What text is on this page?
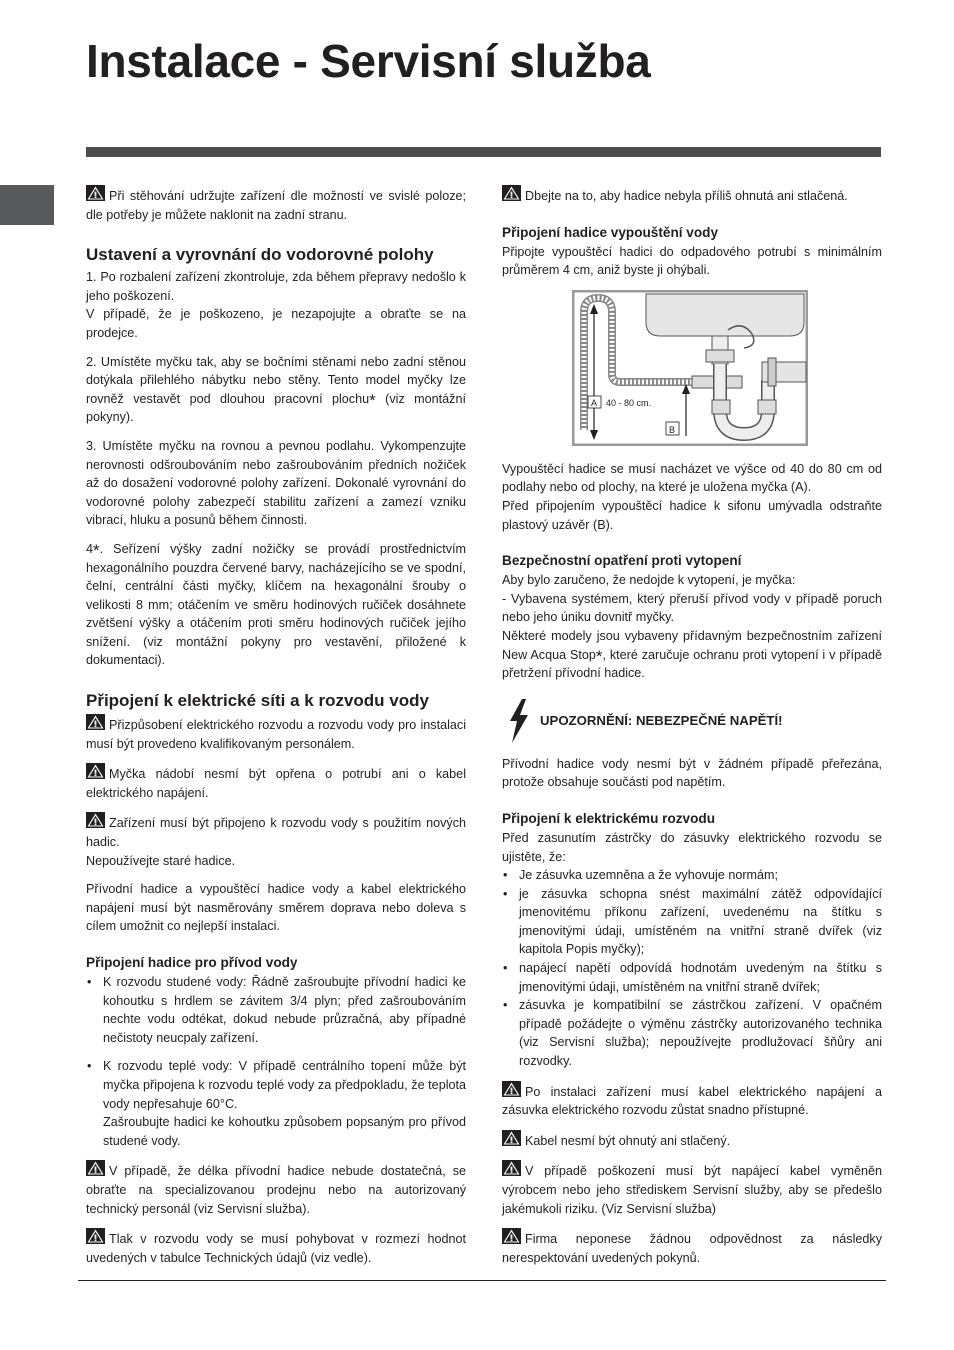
Instalace - Servisní služba

Při stěhování udržujte zařízení dle možností ve svislé poloze; dle potřeby je můžete naklonit na zadní stranu.

Ustavení a vyrovnání do vodorovné polohy

1. Po rozbalení zařízení zkontroluje, zda během přepravy nedošlo k jeho poškození.

V případě, že je poškozeno, je nezapojujte a obraťte se na prodejce.

2. Umístěte myčku tak, aby se bočními stěnami nebo zadní stěnou dotýkala přilehlého nábytku nebo stěny. Tento model myčky lze rovněž vestavět pod dlouhou pracovní plochu* (viz montážní pokyny).

3. Umístěte myčku na rovnou a pevnou podlahu. Vykompenzujte nerovnosti odšroubováním nebo zašroubováním předních nožiček až do dosažení vodorovné polohy zařízení. Dokonalé vyrovnání do vodorovné polohy zabezpečí stabilitu zařízení a zamezí vzniku vibrací, hluku a posunů během činnosti.

4*. Seřízení výšky zadní nožičky se provádí prostřednictvím hexagonálního pouzdra červené barvy, nacházejícího se ve spodní, čelní, centrální části myčky, klíčem na hexagonální šrouby o velikosti 8 mm; otáčením ve směru hodinových ručiček dosáhnete zvětšení výšky a otáčením proti směru hodinových ručiček jejího snížení. (viz montážní pokyny pro vestavění, přiložené k dokumentaci).

Připojení k elektrické síti a k rozvodu vody

Přizpůsobení elektrického rozvodu a rozvodu vody pro instalaci musí být provedeno kvalifikovaným personálem.

Myčka nádobí nesmí být opřena o potrubí ani o kabel elektrického napájení.

Zařízení musí být připojeno k rozvodu vody s použitím nových hadic.

Nepoužívejte staré hadice.

Přívodní hadice a vypouštěcí hadice vody a kabel elektrického napájení musí být nasměrovány směrem doprava nebo doleva s cílem umožnit co nejlepší instalaci.

Připojení hadice pro přívod vody
• K rozvodu studené vody: Řádně zašroubujte přívodní hadici ke kohoutku s hrdlem se závitem 3/4 plyn; před zašroubováním nechte vodu odtékat, dokud nebude průzračná, aby případné nečistoty neucpaly zařízení.
• K rozvodu teplé vody: V případě centrálního topení může být myčka připojena k rozvodu teplé vody za předpokladu, že teplota vody nepřesahuje 60°C.
Zašroubujte hadici ke kohoutku způsobem popsaným pro přívod studené vody.

V případě, že délka přívodní hadice nebude dostatečná, se obraťte na specializovanou prodejnu nebo na autorizovaný technický personál (viz Servisní služba).

Tlak v rozvodu vody se musí pohybovat v rozmezí hodnot uvedených v tabulce Technických údajů (viz vedle).

Dbejte na to, aby hadice nebyla příliš ohnutá ani stlačená.

Připojení hadice vypouštění vody

Připojte vypouštěcí hadici do odpadového potrubí s minimálním průměrem 4 cm, aniž byste ji ohýbali.

A 40 - 80 cm.
B

Vypouštěcí hadice se musí nacházet ve výšce od 40 do 80 cm od podlahy nebo od plochy, na které je uložena myčka (A).

Před připojením vypouštěcí hadice k sifonu umývadla odstraňte plastový uzávěr (B).

Bezpečnostní opatření proti vytopení

Aby bylo zaručeno, že nedojde k vytopení, je myčka:

- Vybavena systémem, který přeruší přívod vody v případě poruch nebo jeho úniku dovnitř myčky.

Některé modely jsou vybaveny přídavným bezpečnostním zařízení New Acqua Stop*, které zaručuje ochranu proti vytopení i v případě přetržení přívodní hadice.

UPOZORNĚNÍ: NEBEZPEČNÉ NAPĚTÍ!

Přívodní hadice vody nesmí být v žádném případě přeřezána, protože obsahuje součásti pod napětím.

Připojení k elektrickému rozvodu

Před zasunutím zástrčky do zásuvky elektrického rozvodu se ujistěte, že:

• Je zásuvka uzemněna a že vyhovuje normám;
• je zásuvka schopna snést maximální zátěž odpovídající jmenovitému příkonu zařízení, uvedenému na štítku s jmenovitými údaji, umístěném na vnitřní straně dvířek (viz kapitola Popis myčky);
• napájecí napětí odpovídá hodnotám uvedeným na štítku s jmenovitými údaji, umístěném na vnitřní straně dvířek;
• zásuvka je kompatibilní se zástrčkou zařízení. V opačném případě požádejte o výměnu zástrčky autorizovaného technika (viz Servisní služba); nepoužívejte prodlužovací šňůry ani rozvodky.

Po instalaci zařízení musí kabel elektrického napájení a zásuvka elektrického rozvodu zůstat snadno přístupné.

Kabel nesmí být ohnutý ani stlačený.

V případě poškození musí být napájecí kabel vyměněn výrobcem nebo jeho střediskem Servisní služby, aby se předešlo jakémukoli riziku. (Viz Servisní služba)

Firma neponese žádnou odpovědnost za následky nerespektování uvedených pokynů.
